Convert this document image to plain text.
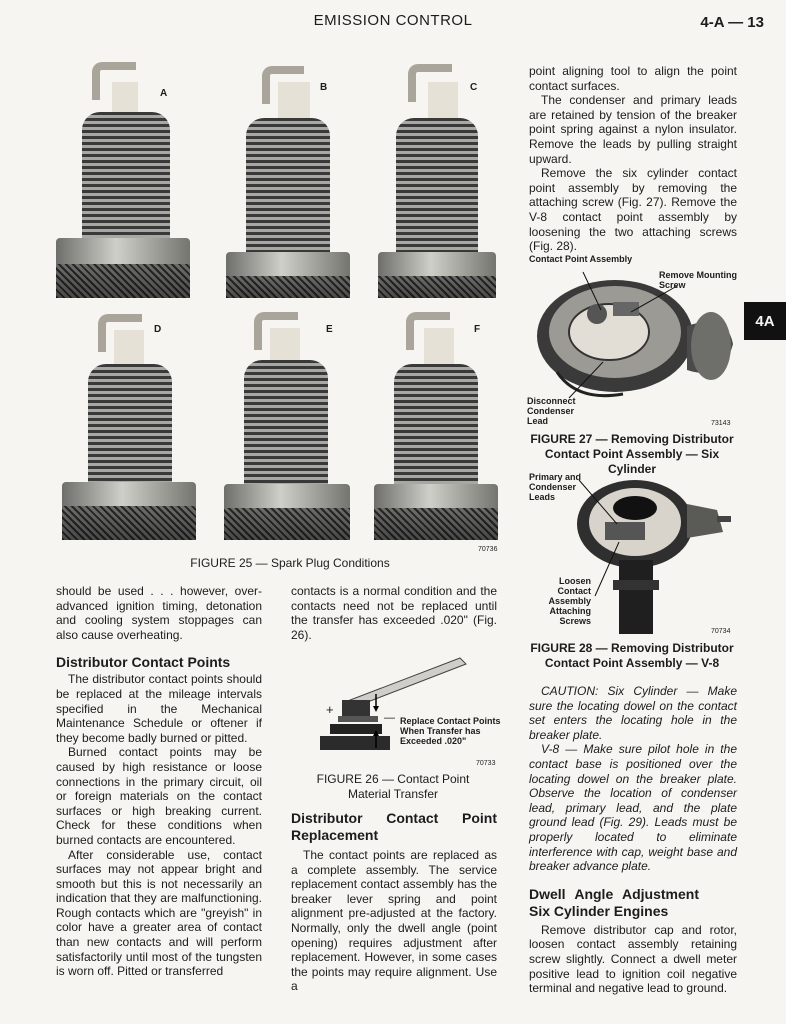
EMISSION CONTROL	4-A — 13
4A
A
B	C
D	E	F
70736
FIGURE 25 — Spark Plug Conditions

should be used . . . however, over-advanced ignition timing, detonation and cooling system stoppages can also cause overheating.

Distributor Contact Points

The distributor contact points should be replaced at the mileage intervals specified in the Mechanical Maintenance Schedule or oftener if they become badly burned or pitted.

Burned contact points may be caused by high resistance or loose connections in the primary circuit, oil or foreign materials on the contact surfaces or high breaking current. Check for these conditions when burned contacts are encountered.

After considerable use, contact surfaces may not appear bright and smooth but this is not necessarily an indication that they are malfunctioning. Rough contacts which are "greyish" in color have a greater area of contact than new contacts and will perform satisfactorily until most of the tungsten is worn off. Pitted or transferred

contacts is a normal condition and the contacts need not be replaced until the transfer has exceeded .020" (Fig. 26).

+
— Replace Contact Points When Transfer has Exceeded .020"
70733
FIGURE 26 — Contact Point Material Transfer
Distributor Contact Point Replacement

The contact points are replaced as a complete assembly. The service replacement contact assembly has the breaker lever spring and point alignment pre-adjusted at the factory. Normally, only the dwell angle (point opening) requires adjustment after replacement. However, in some cases the points may require alignment. Use a

point aligning tool to align the point contact surfaces.

The condenser and primary leads are retained by tension of the breaker point spring against a nylon insulator. Remove the leads by pulling straight upward.

Remove the six cylinder contact point assembly by removing the attaching screw (Fig. 27). Remove the V-8 contact point assembly by loosening the two attaching screws (Fig. 28).

Contact Point Assembly
Remove Mounting Screw
Disconnect Condenser Lead	73143
FIGURE 27 — Removing Distributor Contact Point Assembly — Six Cylinder
Primary and Condenser Leads
Loosen Contact Assembly Attaching Screws
70734
FIGURE 28 — Removing Distributor Contact Point Assembly — V-8

CAUTION: Six Cylinder — Make sure the locating dowel on the contact set enters the locating hole in the breaker plate.

V-8 — Make sure pilot hole in the contact base is positioned over the locating dowel on the breaker plate. Observe the location of condenser lead, primary lead, and the plate ground lead (Fig. 29). Leads must be properly located to eliminate interference with cap, weight base and breaker advance plate.

Dwell Angle Adjustment Six Cylinder Engines

Remove distributor cap and rotor, loosen contact assembly retaining screw slightly. Connect a dwell meter positive lead to ignition coil negative terminal and negative lead to ground.
